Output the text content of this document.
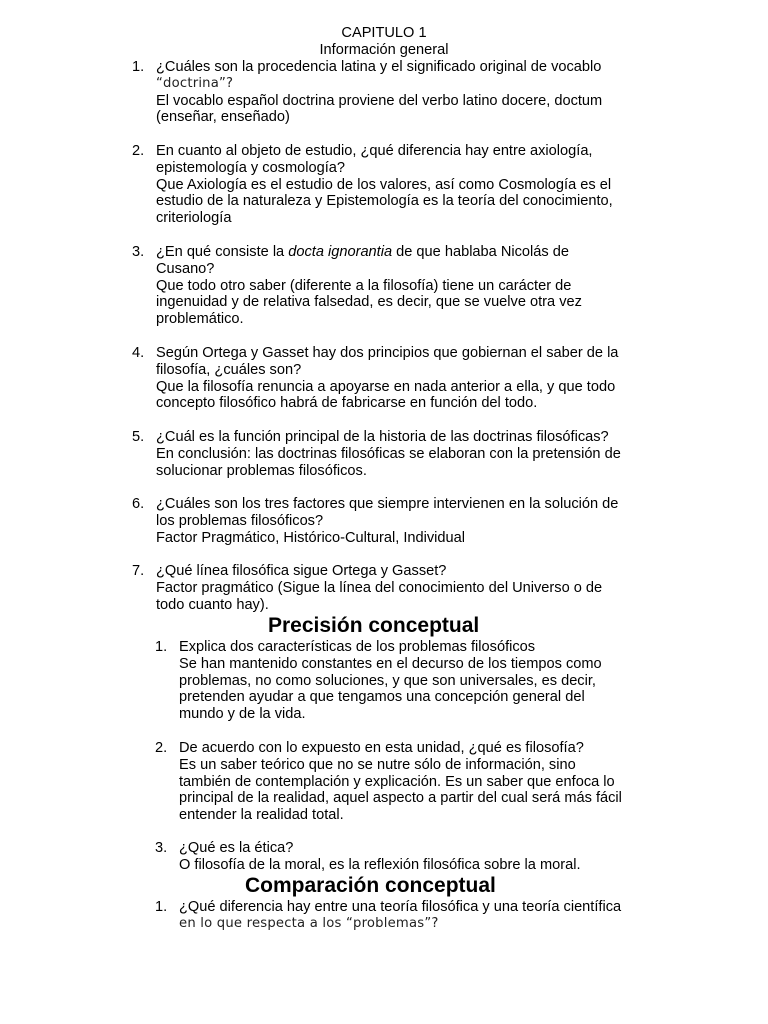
CAPITULO 1
Información general
1. ¿Cuáles son la procedencia latina y el significado original de vocablo
“doctrina”?
El vocablo español doctrina proviene del verbo latino docere, doctum
(enseñar, enseñado)
2. En cuanto al objeto de estudio, ¿qué diferencia hay entre axiología,
epistemología y cosmología?
Que Axiología es el estudio de los valores, así como Cosmología es el
estudio de la naturaleza y Epistemología es la teoría del conocimiento,
criteriología
3. ¿En qué consiste la docta ignorantia de que hablaba Nicolás de
Cusano?
Que todo otro saber (diferente a la filosofía) tiene un carácter de
ingenuidad y de relativa falsedad, es decir, que se vuelve otra vez
problemático.
4. Según Ortega y Gasset hay dos principios que gobiernan el saber de la
filosofía, ¿cuáles son?
Que la filosofía renuncia a apoyarse en nada anterior a ella, y que todo
concepto filosófico habrá de fabricarse en función del todo.
5. ¿Cuál es la función principal de la historia de las doctrinas filosóficas?
En conclusión: las doctrinas filosóficas se elaboran con la pretensión de
solucionar problemas filosóficos.
6. ¿Cuáles son los tres factores que siempre intervienen en la solución de
los problemas filosóficos?
Factor Pragmático, Histórico-Cultural, Individual
7. ¿Qué línea filosófica sigue Ortega y Gasset?
Factor pragmático (Sigue la línea del conocimiento del Universo o de
todo cuanto hay).
Precisión conceptual
1. Explica dos características de los problemas filosóficos
Se han mantenido constantes en el decurso de los tiempos como
problemas, no como soluciones, y que son universales, es decir,
pretenden ayudar a que tengamos una concepción general del
mundo y de la vida.
2. De acuerdo con lo expuesto en esta unidad, ¿qué es filosofía?
Es un saber teórico que no se nutre sólo de información, sino
también de contemplación y explicación. Es un saber que enfoca lo
principal de la realidad, aquel aspecto a partir del cual será más fácil
entender la realidad total.
3. ¿Qué es la ética?
O filosofía de la moral, es la reflexión filosófica sobre la moral.
Comparación conceptual
1. ¿Qué diferencia hay entre una teoría filosófica y una teoría científica
en lo que respecta a los “problemas”?
